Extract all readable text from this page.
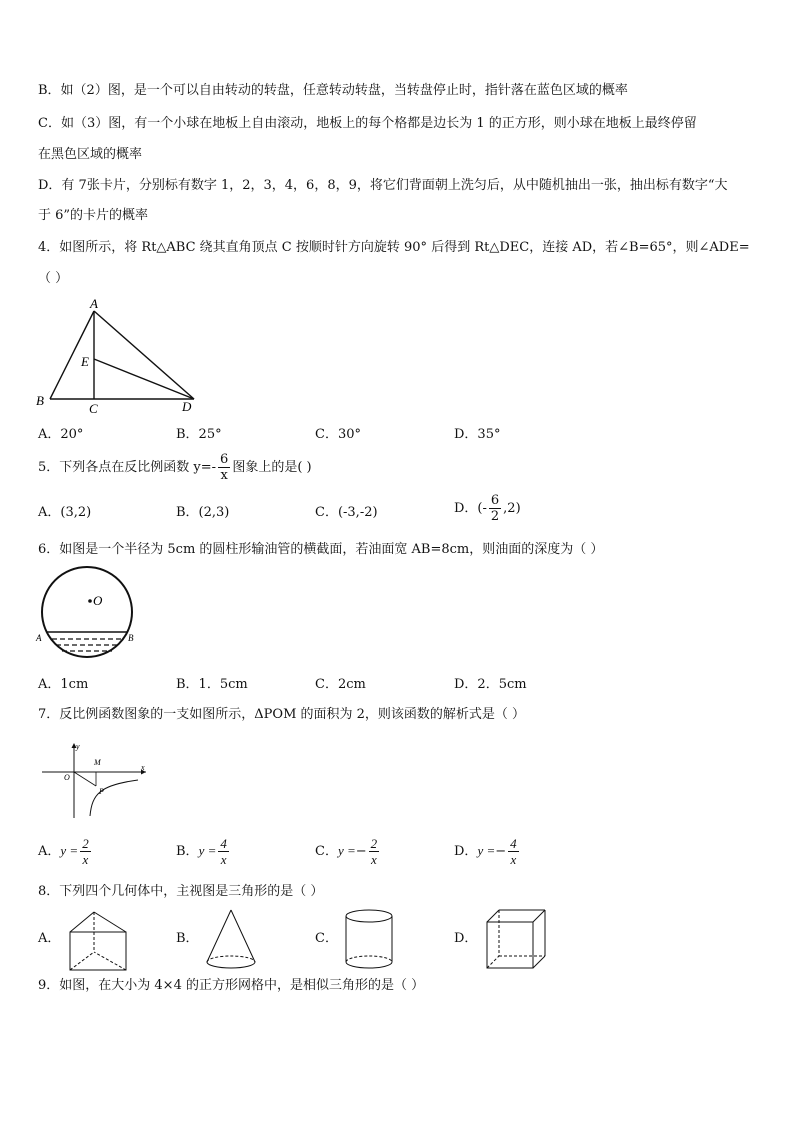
B．如（2）图，是一个可以自由转动的转盘，任意转动转盘，当转盘停止时，指针落在蓝色区域的概率
C．如（3）图，有一个小球在地板上自由滚动，地板上的每个格都是边长为 1 的正方形，则小球在地板上最终停留
在黑色区域的概率
D．有 7张卡片，分别标有数字 1，2，3，4，6，8，9，将它们背面朝上洗匀后，从中随机抽出一张，抽出标有数字“大
于 6”的卡片的概率
4．如图所示，将 Rt△ABC 绕其直角顶点 C 按顺时针方向旋转 90° 后得到 Rt△DEC，连接 AD，若∠B=65°，则∠ADE=
（ ）
A
B
C	D
E
A．20°	B．25°	C．30°	D．35°
5．下列各点在反比例函数 $y=- \frac{6}{x}$ 图象上的是( )
A．(3,2)	B．(2,3)	C．(-3,-2)	D．(- $\frac{6}{2} ,2$)
6．如图是一个半径为 5cm 的圆柱形输油管的横截面，若油面宽 AB=8cm，则油面的深度为（ ）
O
A	B
A．1cm	B．1．5cm	C．2cm	D．2．5cm
7．反比例函数图象的一支如图所示，ΔPOM 的面积为 2，则该函数的解析式是（ ）
y
x
O
M
P
A．$y = \frac{2}{x}$	B．$y = \frac{4}{x}$	C．$y =- \frac{2}{x}$	D．$y =- \frac{4}{x}$
8．下列四个几何体中，主视图是三角形的是（ ）
A．	B．	C．	D．
9．如图，在大小为 4×4 的正方形网格中，是相似三角形的是（ ）
